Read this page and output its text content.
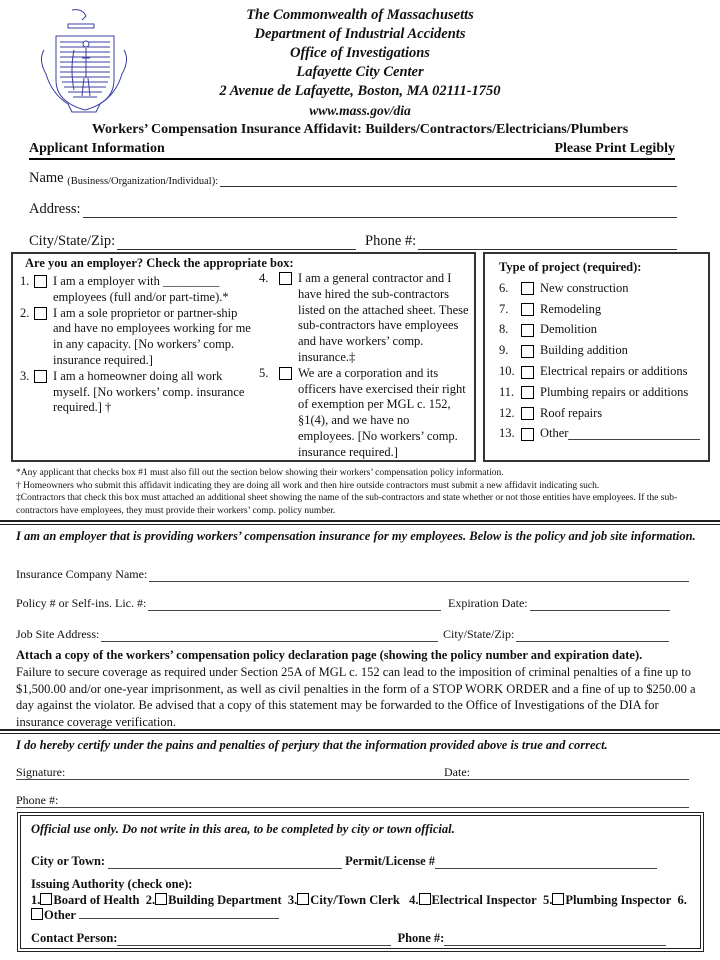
The Commonwealth of Massachusetts
Department of Industrial Accidents
Office of Investigations
Lafayette City Center
2 Avenue de Lafayette, Boston, MA 02111-1750
www.mass.gov/dia
Workers’ Compensation Insurance Affidavit: Builders/Contractors/Electricians/Plumbers
Applicant Information	Please Print Legibly
Name
(Business/Organization/Individual):
Address:
City/State/Zip:	Phone #:
Are you an employer? Check the appropriate box:
1.	I am a employer with _________ employees (full and/or part-time).*
2.	I am a sole proprietor or partner-ship and have no employees working for me in any capacity. [No workers’ comp. insurance required.]
3.	I am a homeowner doing all work myself. [No workers’ comp. insurance required.] †
4.	I am a general contractor and I have hired the sub-contractors listed on the attached sheet. These sub-contractors have employees and have workers’ comp. insurance.‡
5.	We are a corporation and its officers have exercised their right of exemption per MGL c. 152, §1(4), and we have no employees. [No workers’ comp. insurance required.]
Type of project (required):
6.	New construction
7.	Remodeling
8.	Demolition
9.	Building addition
10.	Electrical repairs or additions
11.	Plumbing repairs or additions
12.	Roof repairs
13.	Other
*Any applicant that checks box #1 must also fill out the section below showing their workers’ compensation policy information.
† Homeowners who submit this affidavit indicating they are doing all work and then hire outside contractors must submit a new affidavit indicating such.
‡Contractors that check this box must attached an additional sheet showing the name of the sub-contractors and state whether or not those entities have employees. If the sub-contractors have employees, they must provide their workers’ comp. policy number.
I am an employer that is providing workers’ compensation insurance for my employees. Below is the policy and job site information.
Insurance Company Name:
Policy # or Self-ins. Lic. #:	Expiration Date:
Job Site Address:	City/State/Zip:
Attach a copy of the workers’ compensation policy declaration page (showing the policy number and expiration date).
Failure to secure coverage as required under Section 25A of MGL c. 152 can lead to the imposition of criminal penalties of a fine up to $1,500.00 and/or one-year imprisonment, as well as civil penalties in the form of a STOP WORK ORDER and a fine of up to $250.00 a day against the violator. Be advised that a copy of this statement may be forwarded to the Office of Investigations of the DIA for insurance coverage verification.
I do hereby certify under the pains and penalties of perjury that the information provided above is true and correct.
Signature:	Date:
Phone #:
Official use only. Do not write in this area, to be completed by city or town official.
City or Town:	Permit/License #
Issuing Authority (check one):
1. Board of Health 2. Building Department 3. City/Town Clerk 4. Electrical Inspector 5. Plumbing Inspector 6.Other
Contact Person:	Phone #:
